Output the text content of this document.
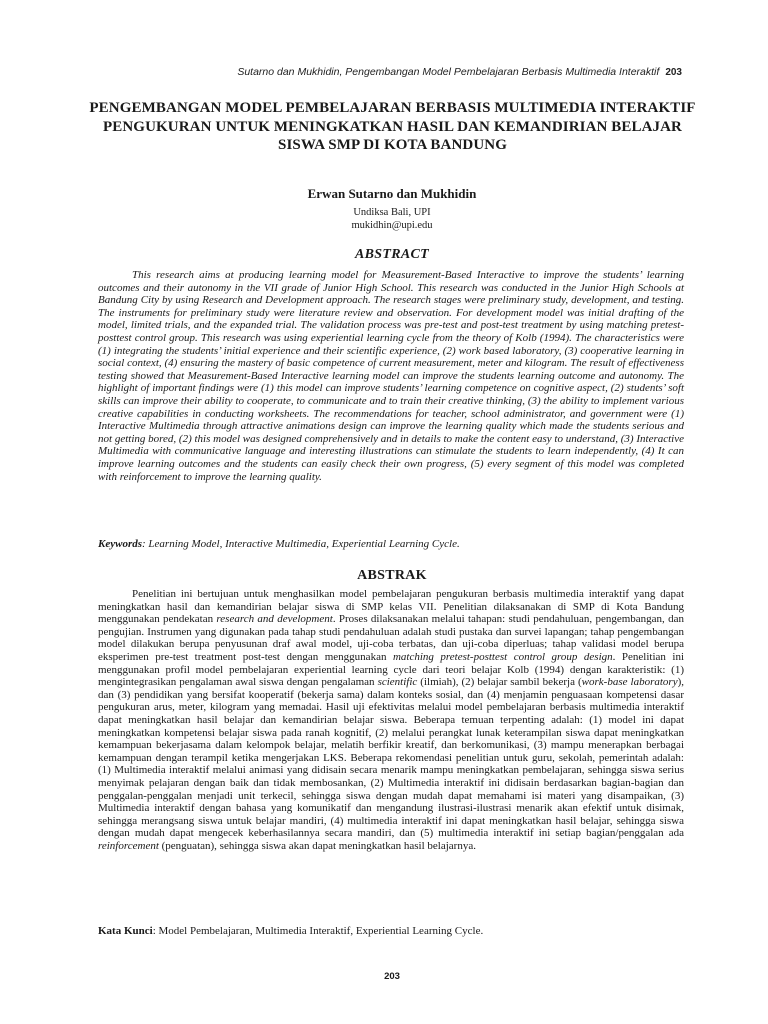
Sutarno dan Mukhidin, Pengembangan Model Pembelajaran Berbasis Multimedia Interaktif 203
PENGEMBANGAN MODEL PEMBELAJARAN BERBASIS MULTIMEDIA INTERAKTIF PENGUKURAN UNTUK MENINGKATKAN HASIL DAN KEMANDIRIAN BELAJAR SISWA SMP DI KOTA BANDUNG
Erwan Sutarno dan Mukhidin
Undiksa Bali, UPI
mukidhin@upi.edu
ABSTRACT
This research aims at producing learning model for Measurement-Based Interactive to improve the students’ learning outcomes and their autonomy in the VII grade of Junior High School. This research was conducted in the Junior High Schools at Bandung City by using Research and Development approach. The research stages were preliminary study, development, and testing. The instruments for preliminary study were literature review and observation. For development model was initial drafting of the model, limited trials, and the expanded trial. The validation process was pre-test and post-test treatment by using matching pretest-posttest control group. This research was using experiential learning cycle from the theory of Kolb (1994). The characteristics were (1) integrating the students’ initial experience and their scientific experience, (2) work based laboratory, (3) cooperative learning in social context, (4) ensuring the mastery of basic competence of current measurement, meter and kilogram. The result of effectiveness testing showed that Measurement-Based Interactive learning model can improve the students learning outcome and autonomy. The highlight of important findings were (1) this model can improve students’ learning competence on cognitive aspect, (2) students’ soft skills can improve their ability to cooperate, to communicate and to train their creative thinking, (3) the ability to implement various creative capabilities in conducting worksheets. The recommendations for teacher, school administrator, and government were (1) Interactive Multimedia through attractive animations design can improve the learning quality which made the students serious and not getting bored, (2) this model was designed comprehensively and in details to make the content easy to understand, (3) Interactive Multimedia with communicative language and interesting illustrations can stimulate the students to learn independently, (4) It can improve learning outcomes and the students can easily check their own progress, (5) every segment of this model was completed with reinforcement to improve the learning quality.
Keywords: Learning Model, Interactive Multimedia, Experiential Learning Cycle.
ABSTRAK
Penelitian ini bertujuan untuk menghasilkan model pembelajaran pengukuran berbasis multimedia interaktif yang dapat meningkatkan hasil dan kemandirian belajar siswa di SMP kelas VII. Penelitian dilaksanakan di SMP di Kota Bandung menggunakan pendekatan research and development. Proses dilaksanakan melalui tahapan: studi pendahuluan, pengembangan, dan pengujian. Instrumen yang digunakan pada tahap studi pendahuluan adalah studi pustaka dan survei lapangan; tahap pengembangan model dilakukan berupa penyusunan draf awal model, uji-coba terbatas, dan uji-coba diperluas; tahap validasi model berupa eksperimen pre-test treatment post-test dengan menggunakan matching pretest-posttest control group design. Penelitian ini menggunakan profil model pembelajaran experiential learning cycle dari teori belajar Kolb (1994) dengan karakteristik: (1) mengintegrasikan pengalaman awal siswa dengan pengalaman scientific (ilmiah), (2) belajar sambil bekerja (work-base laboratory), dan (3) pendidikan yang bersifat kooperatif (bekerja sama) dalam konteks sosial, dan (4) menjamin penguasaan kompetensi dasar pengukuran arus, meter, kilogram yang memadai. Hasil uji efektivitas melalui model pembelajaran berbasis multimedia interaktif dapat meningkatkan hasil belajar dan kemandirian belajar siswa. Beberapa temuan terpenting adalah: (1) model ini dapat meningkatkan kompetensi belajar siswa pada ranah kognitif, (2) melalui perangkat lunak keterampilan siswa dapat meningkatkan kemampuan bekerjasama dalam kelompok belajar, melatih berfikir kreatif, dan berkomunikasi, (3) mampu menerapkan berbagai kemampuan dengan terampil ketika mengerjakan LKS. Beberapa rekomendasi penelitian untuk guru, sekolah, pemerintah adalah: (1) Multimedia interaktif melalui animasi yang didisain secara menarik mampu meningkatkan pembelajaran, sehingga siswa serius menyimak pelajaran dengan baik dan tidak membosankan, (2) Multimedia interaktif ini didisain berdasarkan bagian-bagian dan penggalan-penggalan menjadi unit terkecil, sehingga siswa dengan mudah dapat memahami isi materi yang disampaikan, (3) Multimedia interaktif dengan bahasa yang komunikatif dan mengandung ilustrasi-ilustrasi menarik akan efektif untuk disimak, sehingga merangsang siswa untuk belajar mandiri, (4) multimedia interaktif ini dapat meningkatkan hasil belajar, sehingga siswa dengan mudah dapat mengecek keberhasilannya secara mandiri, dan (5) multimedia interaktif ini setiap bagian/penggalan ada reinforcement (penguatan), sehingga siswa akan dapat meningkatkan hasil belajarnya.
Kata Kunci: Model Pembelajaran, Multimedia Interaktif, Experiential Learning Cycle.
203
